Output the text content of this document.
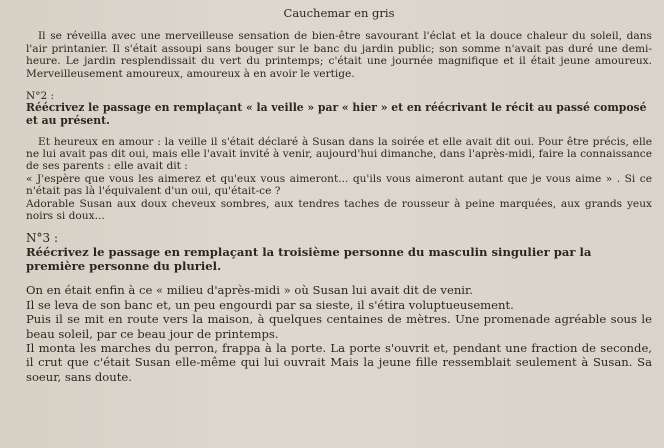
Cauchemar en gris

Il se réveilla avec une merveilleuse sensation de bien-être savourant l'éclat et la douce chaleur du soleil, dans l'air printanier. Il s'était assoupi sans bouger sur le banc du jardin public; son somme n'avait pas duré une demi-heure. Le jardin resplendissait du vert du printemps; c'était une journée magnifique et il était jeune amoureux. Merveilleusement amoureux, amoureux à en avoir le vertige.

N°2 :
Réécrivez le passage en remplaçant « la veille » par « hier » et en réécrivant le récit au passé composé et au présent.

Et heureux en amour : la veille il s'était déclaré à Susan dans la soirée et elle avait dit oui. Pour être précis, elle ne lui avait pas dit oui, mais elle l'avait invité à venir, aujourd'hui dimanche, dans l'après-midi, faire la connaissance de ses parents : elle avait dit :

« J'espère que vous les aimerez et qu'eux vous aimeront... qu'ils vous aimeront autant que je vous aime » . Si ce n'était pas là l'équivalent d'un oui, qu'était-ce ?

Adorable Susan aux doux cheveux sombres, aux tendres taches de rousseur à peine marquées, aux grands yeux noirs si doux...

N°3 :
Réécrivez le passage en remplaçant la troisième personne du masculin singulier par la première personne du pluriel.

On en était enfin à ce « milieu d'après-midi » où Susan lui avait dit de venir.

Il se leva de son banc et, un peu engourdi par sa sieste, il s'étira voluptueusement.

Puis il se mit en route vers la maison, à quelques centaines de mètres. Une promenade agréable sous le beau soleil, par ce beau jour de printemps.

Il monta les marches du perron, frappa à la porte. La porte s'ouvrit et, pendant une fraction de seconde, il crut que c'était Susan elle-même qui lui ouvrait Mais la jeune fille ressemblait seulement à Susan. Sa soeur, sans doute.
